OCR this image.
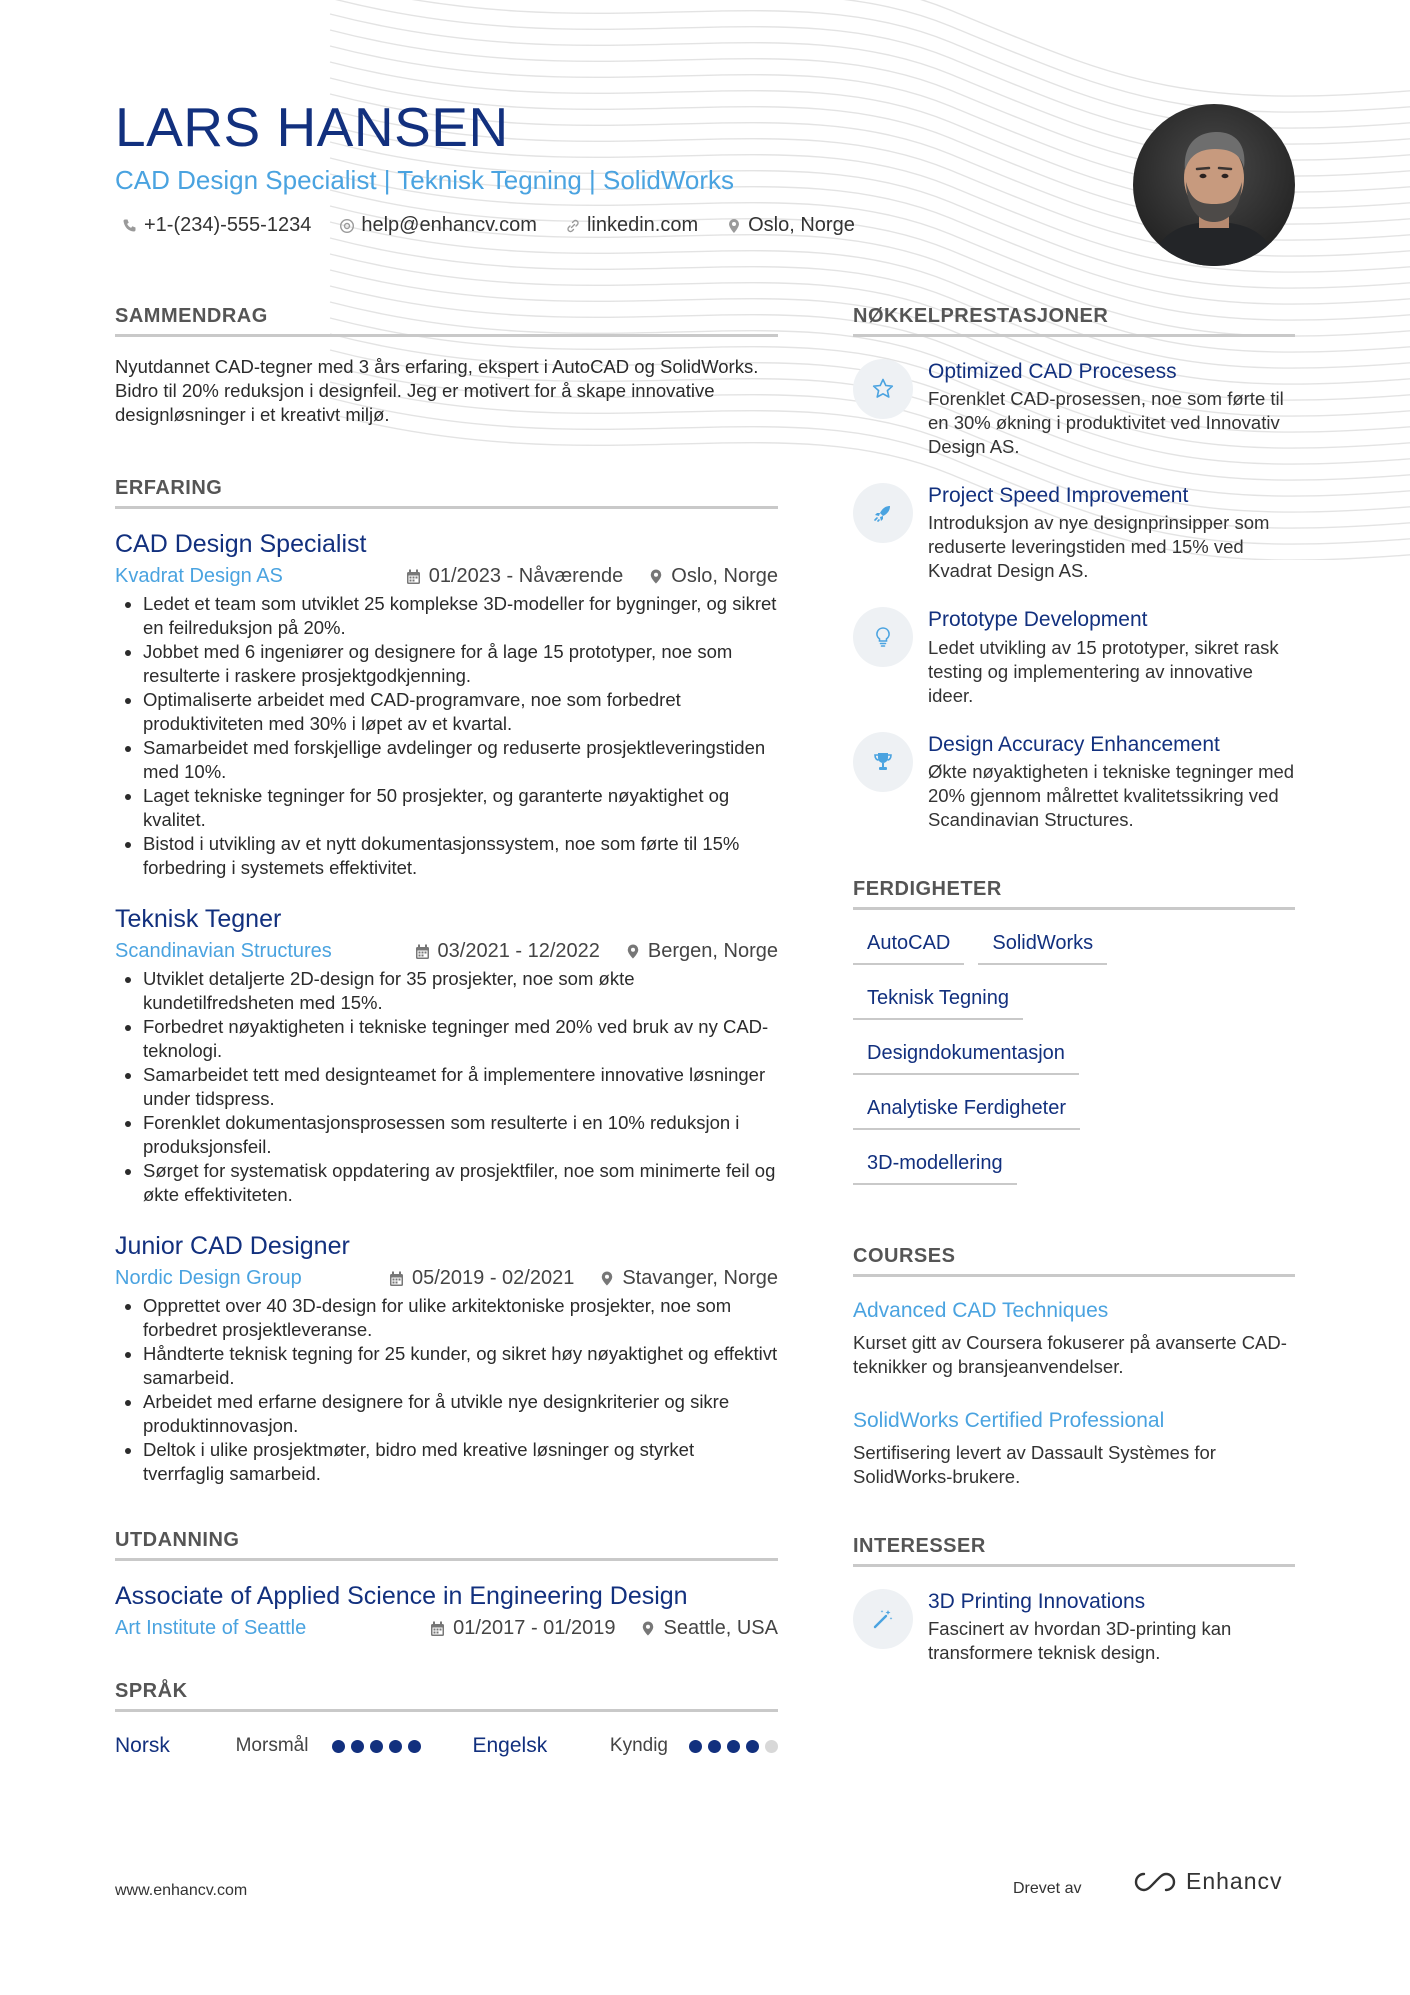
LARS HANSEN
CAD Design Specialist | Teknisk Tegning | SolidWorks
+1-(234)-555-1234	help@enhancv.com	linkedin.com	Oslo, Norge
SAMMENDRAG
Nyutdannet CAD-tegner med 3 års erfaring, ekspert i AutoCAD og SolidWorks. Bidro til 20% reduksjon i designfeil. Jeg er motivert for å skape innovative designløsninger i et kreativt miljø.
ERFARING
CAD Design Specialist
Kvadrat Design AS	01/2023 - Nåværende Oslo, Norge
• Ledet et team som utviklet 25 komplekse 3D-modeller for bygninger, og sikret en feilreduksjon på 20%.
• Jobbet med 6 ingeniører og designere for å lage 15 prototyper, noe som resulterte i raskere prosjektgodkjenning.
• Optimaliserte arbeidet med CAD-programvare, noe som forbedret produktiviteten med 30% i løpet av et kvartal.
• Samarbeidet med forskjellige avdelinger og reduserte prosjektleveringstiden med 10%.
• Laget tekniske tegninger for 50 prosjekter, og garanterte nøyaktighet og kvalitet.
• Bistod i utvikling av et nytt dokumentasjonssystem, noe som førte til 15% forbedring i systemets effektivitet.
Teknisk Tegner
Scandinavian Structures	03/2021 - 12/2022 Bergen, Norge
• Utviklet detaljerte 2D-design for 35 prosjekter, noe som økte kundetilfredsheten med 15%.
• Forbedret nøyaktigheten i tekniske tegninger med 20% ved bruk av ny CAD-teknologi.
• Samarbeidet tett med designteamet for å implementere innovative løsninger under tidspress.
• Forenklet dokumentasjonsprosessen som resulterte i en 10% reduksjon i produksjonsfeil.
• Sørget for systematisk oppdatering av prosjektfiler, noe som minimerte feil og økte effektiviteten.
Junior CAD Designer
Nordic Design Group	05/2019 - 02/2021 Stavanger, Norge
• Opprettet over 40 3D-design for ulike arkitektoniske prosjekter, noe som forbedret prosjektleveranse.
• Håndterte teknisk tegning for 25 kunder, og sikret høy nøyaktighet og effektivt samarbeid.
• Arbeidet med erfarne designere for å utvikle nye designkriterier og sikre produktinnovasjon.
• Deltok i ulike prosjektmøter, bidro med kreative løsninger og styrket tverrfaglig samarbeid.
UTDANNING
Associate of Applied Science in Engineering Design
Art Institute of Seattle	01/2017 - 01/2019 Seattle, USA
SPRÅK
Norsk	Morsmål	Engelsk	Kyndig
NØKKELPRESTASJONER
Optimized CAD Procesess
Forenklet CAD-prosessen, noe som førte til en 30% økning i produktivitet ved Innovativ Design AS.
Project Speed Improvement
Introduksjon av nye designprinsipper som reduserte leveringstiden med 15% ved Kvadrat Design AS.
Prototype Development
Ledet utvikling av 15 prototyper, sikret rask testing og implementering av innovative ideer.
Design Accuracy Enhancement
Økte nøyaktigheten i tekniske tegninger med 20% gjennom målrettet kvalitetssikring ved Scandinavian Structures.
FERDIGHETER
AutoCAD	SolidWorks
Teknisk Tegning
Designdokumentasjon
Analytiske Ferdigheter
3D-modellering
COURSES
Advanced CAD Techniques
Kurset gitt av Coursera fokuserer på avanserte CAD-teknikker og bransjeanvendelser.
SolidWorks Certified Professional
Sertifisering levert av Dassault Systèmes for SolidWorks-brukere.
INTERESSER
3D Printing Innovations
Fascinert av hvordan 3D-printing kan transformere teknisk design.
www.enhancv.com	Drevet av	Enhancv
